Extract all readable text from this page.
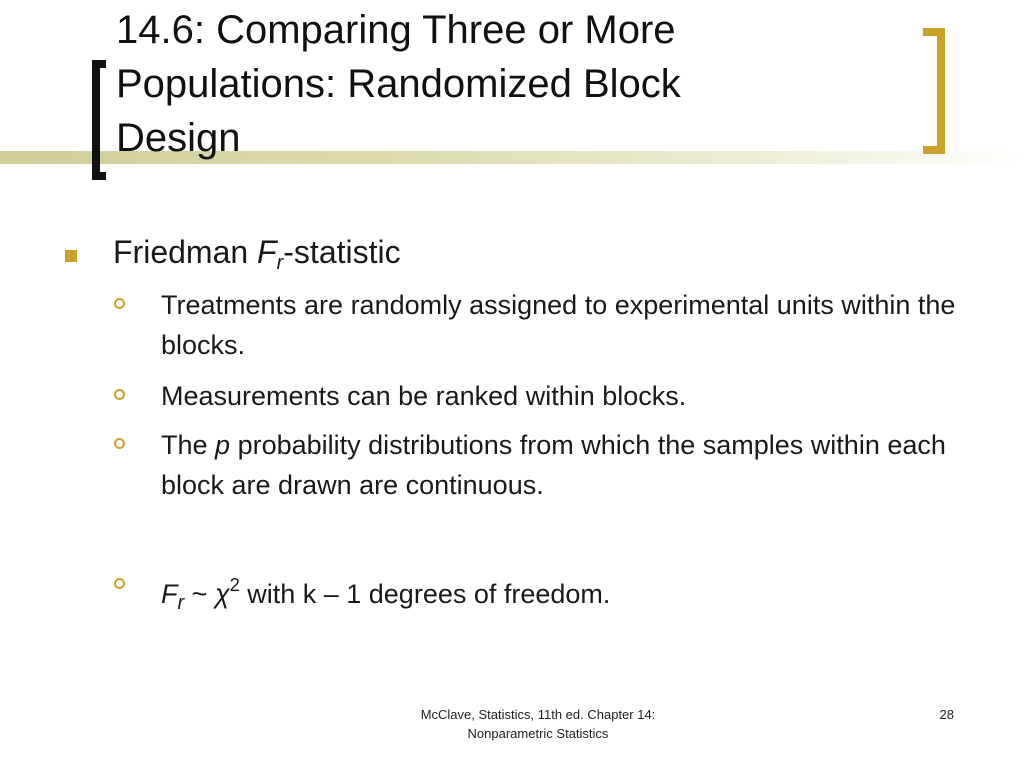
14.6: Comparing Three or More
Populations: Randomized Block
Design
Friedman $F_r$-statistic
Treatments are randomly assigned to experimental units within the blocks.
Measurements can be ranked within blocks.
The p probability distributions from which the samples within each block are drawn are continuous.
$F_r$ ~ $\chi^2$ with k – 1 degrees of freedom.
McClave, Statistics, 11th ed. Chapter 14:
Nonparametric Statistics
28
